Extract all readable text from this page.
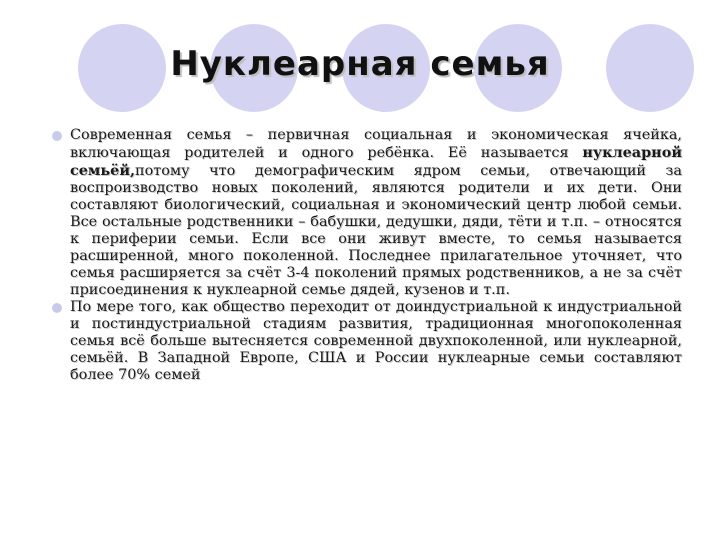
Нуклеарная семья
Современная семья – первичная социальная и экономическая ячейка, включающая родителей и одного ребёнка. Её называется нуклеарной семьёй,потому что демографическим ядром семьи, отвечающий за воспроизводство новых поколений, являются родители и их дети. Они составляют биологический, социальная и экономический центр любой семьи. Все остальные родственники – бабушки, дедушки, дяди, тёти и т.п. – относятся к периферии семьи. Если все они живут вместе, то семья называется расширенной, много поколенной. Последнее прилагательное уточняет, что семья расширяется за счёт 3-4 поколений прямых родственников, а не за счёт присоединения к нуклеарной семье дядей, кузенов и т.п.
По мере того, как общество переходит от доиндустриальной к индустриальной и постиндустриальной стадиям развития, традиционная многопоколенная семья всё больше вытесняется современной двухпоколенной, или нуклеарной, семьёй. В Западной Европе, США и России нуклеарные семьи составляют более 70% семей
